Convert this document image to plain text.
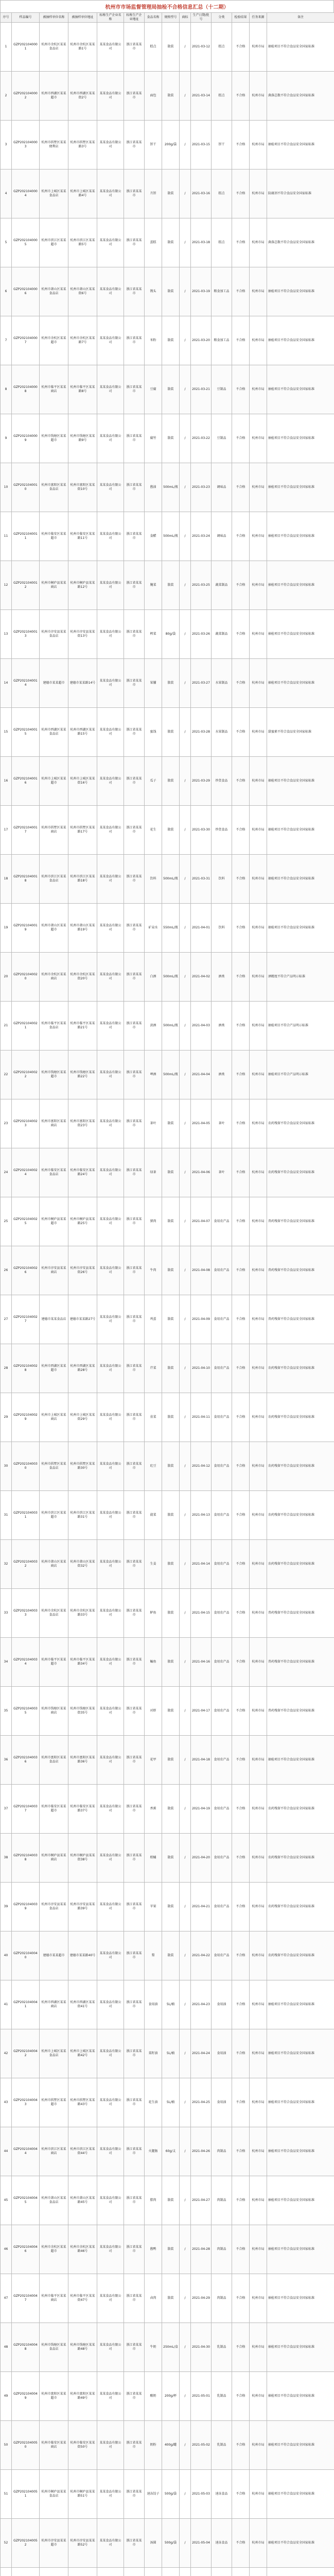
杭州市市场监督管理局抽检不合格信息汇总（十二期）
序号	样品编号	被抽样单位名称	被抽样单位地址	标称生产企业名称	标称生产企业地址	食品名称	规格型号	商标	生产日期/批号	分类	检验结果	任务来源	备注
1	GZP2021040001	杭州市余杭区某某食品店	杭州市余杭区某某路1号	某某食品有限公司	浙江省某某市	糕点	散装	/	2021-03-12	糕点	不合格	杭州市局	抽检项目不符合食品安全国家标准
2	GZP2021040002	杭州市西湖区某某超市	杭州市西湖区某某街2号	某某食品有限公司	浙江省某某市	面包	散装	/	2021-03-14	糕点	不合格	杭州市局	菌落总数不符合食品安全国家标准
3	GZP2021040003	杭州市拱墅区某某便利店	杭州市拱墅区某某路3号	某某食品有限公司	浙江省某某市	饼干	200g/袋	/	2021-03-15	饼干	不合格	杭州市局	抽检项目不符合食品安全国家标准
4	GZP2021040004	杭州市上城区某某食品店	杭州市上城区某某路4号	某某食品有限公司	浙江省某某市	月饼	散装	/	2021-03-16	糕点	不合格	杭州市局	防腐剂不符合食品安全国家标准
5	GZP2021040005	杭州市滨江区某某超市	杭州市滨江区某某路5号	某某食品有限公司	浙江省某某市	蛋糕	散装	/	2021-03-18	糕点	不合格	杭州市局	菌落总数不符合食品安全国家标准
6	GZP2021040006	杭州市萧山区某某食品店	杭州市萧山区某某街6号	某某食品有限公司	浙江省某某市	馒头	散装	/	2021-03-19	粮食加工品	不合格	杭州市局	抽检项目不符合食品安全国家标准
7	GZP2021040007	杭州市余杭区某某超市	杭州市余杭区某某路7号	某某食品有限公司	浙江省某某市	米粉	散装	/	2021-03-20	粮食加工品	不合格	杭州市局	抽检项目不符合食品安全国家标准
8	GZP2021040008	杭州市临平区某某商店	杭州市临平区某某路8号	某某食品有限公司	浙江省某某市	豆腐	散装	/	2021-03-21	豆制品	不合格	杭州市局	抽检项目不符合食品安全国家标准
9	GZP2021040009	杭州市钱塘区某某超市	杭州市钱塘区某某路9号	某某食品有限公司	浙江省某某市	腐竹	散装	/	2021-03-22	豆制品	不合格	杭州市局	抽检项目不符合食品安全国家标准
10	GZP2021040010	杭州市富阳区某某食品店	杭州市富阳区某某街10号	某某食品有限公司	浙江省某某市	酱油	500mL/瓶	/	2021-03-23	调味品	不合格	杭州市局	抽检项目不符合食品安全国家标准
11	GZP2021040011	杭州市临安区某某超市	杭州市临安区某某路11号	某某食品有限公司	浙江省某某市	食醋	500mL/瓶	/	2021-03-24	调味品	不合格	杭州市局	抽检项目不符合食品安全国家标准
12	GZP2021040012	杭州市桐庐县某某商店	杭州市桐庐县某某路12号	某某食品有限公司	浙江省某某市	腌菜	散装	/	2021-03-25	蔬菜制品	不合格	杭州市局	抽检项目不符合食品安全国家标准
13	GZP2021040013	杭州市淳安县某某食品店	杭州市淳安县某某街13号	某某食品有限公司	浙江省某某市	榨菜	80g/袋	/	2021-03-26	蔬菜制品	不合格	杭州市局	抽检项目不符合食品安全国家标准
14	GZP2021040014	建德市某某超市	建德市某某路14号	某某食品有限公司	浙江省某某市	果脯	散装	/	2021-03-27	水果制品	不合格	杭州市局	抽检项目不符合食品安全国家标准
15	GZP2021040015	杭州市西湖区某某食品店	杭州市西湖区某某路15号	某某食品有限公司	浙江省某某市	蜜饯	散装	/	2021-03-28	水果制品	不合格	杭州市局	甜蜜素不符合食品安全国家标准
16	GZP2021040016	杭州市上城区某某超市	杭州市上城区某某街16号	某某食品有限公司	浙江省某某市	瓜子	散装	/	2021-03-29	炒货食品	不合格	杭州市局	抽检项目不符合食品安全国家标准
17	GZP2021040017	杭州市拱墅区某某商店	杭州市拱墅区某某路17号	某某食品有限公司	浙江省某某市	花生	散装	/	2021-03-30	炒货食品	不合格	杭州市局	抽检项目不符合食品安全国家标准
18	GZP2021040018	杭州市滨江区某某食品店	杭州市滨江区某某路18号	某某食品有限公司	浙江省某某市	饮料	500mL/瓶	/	2021-03-31	饮料	不合格	杭州市局	抽检项目不符合食品安全国家标准
19	GZP2021040019	杭州市萧山区某某超市	杭州市萧山区某某路19号	某某食品有限公司	浙江省某某市	矿泉水	550mL/瓶	/	2021-04-01	饮料	不合格	杭州市局	抽检项目不符合食品安全国家标准
20	GZP2021040020	杭州市余杭区某某商店	杭州市余杭区某某街20号	某某食品有限公司	浙江省某某市	白酒	500mL/瓶	/	2021-04-02	酒类	不合格	杭州市局	酒精度不符合产品明示标准
21	GZP2021040021	杭州市临平区某某食品店	杭州市临平区某某路21号	某某食品有限公司	浙江省某某市	黄酒	500mL/瓶	/	2021-04-03	酒类	不合格	杭州市局	抽检项目不符合产品明示标准
22	GZP2021040022	杭州市钱塘区某某超市	杭州市钱塘区某某路22号	某某食品有限公司	浙江省某某市	啤酒	500mL/瓶	/	2021-04-04	酒类	不合格	杭州市局	抽检项目不符合产品明示标准
23	GZP2021040023	杭州市富阳区某某商店	杭州市富阳区某某街23号	某某食品有限公司	浙江省某某市	茶叶	散装	/	2021-04-05	茶叶	不合格	杭州市局	农药残留不符合食品安全国家标准
24	GZP2021040024	杭州市临安区某某食品店	杭州市临安区某某路24号	某某食品有限公司	浙江省某某市	绿茶	散装	/	2021-04-06	茶叶	不合格	杭州市局	农药残留不符合食品安全国家标准
25	GZP2021040025	杭州市桐庐县某某超市	杭州市桐庐县某某路25号	某某食品有限公司	浙江省某某市	猪肉	散装	/	2021-04-07	食用农产品	不合格	杭州市局	兽药残留不符合食品安全国家标准
26	GZP2021040026	杭州市淳安县某某商店	杭州市淳安县某某街26号	某某食品有限公司	浙江省某某市	牛肉	散装	/	2021-04-08	食用农产品	不合格	杭州市局	兽药残留不符合食品安全国家标准
27	GZP2021040027	建德市某某食品店	建德市某某路27号	某某食品有限公司	浙江省某某市	鸡蛋	散装	/	2021-04-09	食用农产品	不合格	杭州市局	兽药残留不符合食品安全国家标准
28	GZP2021040028	杭州市西湖区某某超市	杭州市西湖区某某路28号	某某食品有限公司	浙江省某某市	芹菜	散装	/	2021-04-10	食用农产品	不合格	杭州市局	农药残留不符合食品安全国家标准
29	GZP2021040029	杭州市上城区某某商店	杭州市上城区某某街29号	某某食品有限公司	浙江省某某市	韭菜	散装	/	2021-04-11	食用农产品	不合格	杭州市局	农药残留不符合食品安全国家标准
30	GZP2021040030	杭州市拱墅区某某食品店	杭州市拱墅区某某路30号	某某食品有限公司	浙江省某某市	豇豆	散装	/	2021-04-12	食用农产品	不合格	杭州市局	农药残留不符合食品安全国家标准
31	GZP2021040031	杭州市滨江区某某超市	杭州市滨江区某某路31号	某某食品有限公司	浙江省某某市	菠菜	散装	/	2021-04-13	食用农产品	不合格	杭州市局	农药残留不符合食品安全国家标准
32	GZP2021040032	杭州市萧山区某某商店	杭州市萧山区某某街32号	某某食品有限公司	浙江省某某市	生姜	散装	/	2021-04-14	食用农产品	不合格	杭州市局	农药残留不符合食品安全国家标准
33	GZP2021040033	杭州市余杭区某某食品店	杭州市余杭区某某路33号	某某食品有限公司	浙江省某某市	鲈鱼	散装	/	2021-04-15	食用农产品	不合格	杭州市局	兽药残留不符合食品安全国家标准
34	GZP2021040034	杭州市临平区某某超市	杭州市临平区某某路34号	某某食品有限公司	浙江省某某市	鳊鱼	散装	/	2021-04-16	食用农产品	不合格	杭州市局	兽药残留不符合食品安全国家标准
35	GZP2021040035	杭州市钱塘区某某商店	杭州市钱塘区某某街35号	某某食品有限公司	浙江省某某市	对虾	散装	/	2021-04-17	食用农产品	不合格	杭州市局	兽药残留不符合食品安全国家标准
36	GZP2021040036	杭州市富阳区某某食品店	杭州市富阳区某某路36号	某某食品有限公司	浙江省某某市	花甲	散装	/	2021-04-18	食用农产品	不合格	杭州市局	抽检项目不符合食品安全国家标准
37	GZP2021040037	杭州市临安区某某超市	杭州市临安区某某路37号	某某食品有限公司	浙江省某某市	香蕉	散装	/	2021-04-19	食用农产品	不合格	杭州市局	农药残留不符合食品安全国家标准
38	GZP2021040038	杭州市桐庐县某某商店	杭州市桐庐县某某街38号	某某食品有限公司	浙江省某某市	柑橘	散装	/	2021-04-20	食用农产品	不合格	杭州市局	农药残留不符合食品安全国家标准
39	GZP2021040039	杭州市淳安县某某食品店	杭州市淳安县某某路39号	某某食品有限公司	浙江省某某市	苹果	散装	/	2021-04-21	食用农产品	不合格	杭州市局	农药残留不符合食品安全国家标准
40	GZP2021040040	建德市某某超市	建德市某某路40号	某某食品有限公司	浙江省某某市	梨	散装	/	2021-04-22	食用农产品	不合格	杭州市局	农药残留不符合食品安全国家标准
41	GZP2021040041	杭州市西湖区某某商店	杭州市西湖区某某街41号	某某食品有限公司	浙江省某某市	食用油	5L/桶	/	2021-04-23	食用油	不合格	杭州市局	抽检项目不符合食品安全国家标准
42	GZP2021040042	杭州市上城区某某食品店	杭州市上城区某某路42号	某某食品有限公司	浙江省某某市	菜籽油	5L/桶	/	2021-04-24	食用油	不合格	杭州市局	抽检项目不符合食品安全国家标准
43	GZP2021040043	杭州市拱墅区某某超市	杭州市拱墅区某某路43号	某某食品有限公司	浙江省某某市	花生油	5L/桶	/	2021-04-25	食用油	不合格	杭州市局	抽检项目不符合食品安全国家标准
44	GZP2021040044	杭州市滨江区某某商店	杭州市滨江区某某街44号	某某食品有限公司	浙江省某某市	火腿肠	60g/支	/	2021-04-26	肉制品	不合格	杭州市局	抽检项目不符合食品安全国家标准
45	GZP2021040045	杭州市萧山区某某食品店	杭州市萧山区某某路45号	某某食品有限公司	浙江省某某市	腊肉	散装	/	2021-04-27	肉制品	不合格	杭州市局	抽检项目不符合食品安全国家标准
46	GZP2021040046	杭州市余杭区某某超市	杭州市余杭区某某路46号	某某食品有限公司	浙江省某某市	酱鸭	散装	/	2021-04-28	肉制品	不合格	杭州市局	抽检项目不符合食品安全国家标准
47	GZP2021040047	杭州市临平区某某商店	杭州市临平区某某街47号	某某食品有限公司	浙江省某某市	卤肉	散装	/	2021-04-29	肉制品	不合格	杭州市局	抽检项目不符合食品安全国家标准
48	GZP2021040048	杭州市钱塘区某某食品店	杭州市钱塘区某某路48号	某某食品有限公司	浙江省某某市	牛奶	250mL/盒	/	2021-04-30	乳制品	不合格	杭州市局	抽检项目不符合食品安全国家标准
49	GZP2021040049	杭州市富阳区某某超市	杭州市富阳区某某路49号	某某食品有限公司	浙江省某某市	酸奶	200g/杯	/	2021-05-01	乳制品	不合格	杭州市局	抽检项目不符合食品安全国家标准
50	GZP2021040050	杭州市临安区某某商店	杭州市临安区某某街50号	某某食品有限公司	浙江省某某市	奶粉	400g/罐	/	2021-05-02	乳制品	不合格	杭州市局	抽检项目不符合食品安全国家标准
51	GZP2021040051	杭州市桐庐县某某食品店	杭州市桐庐县某某路51号	某某食品有限公司	浙江省某某市	速冻饺子	500g/袋	/	2021-05-03	速冻食品	不合格	杭州市局	抽检项目不符合食品安全国家标准
52	GZP2021040052	杭州市淳安县某某超市	杭州市淳安县某某路52号	某某食品有限公司	浙江省某某市	汤圆	500g/袋	/	2021-05-04	速冻食品	不合格	杭州市局	抽检项目不符合食品安全国家标准
